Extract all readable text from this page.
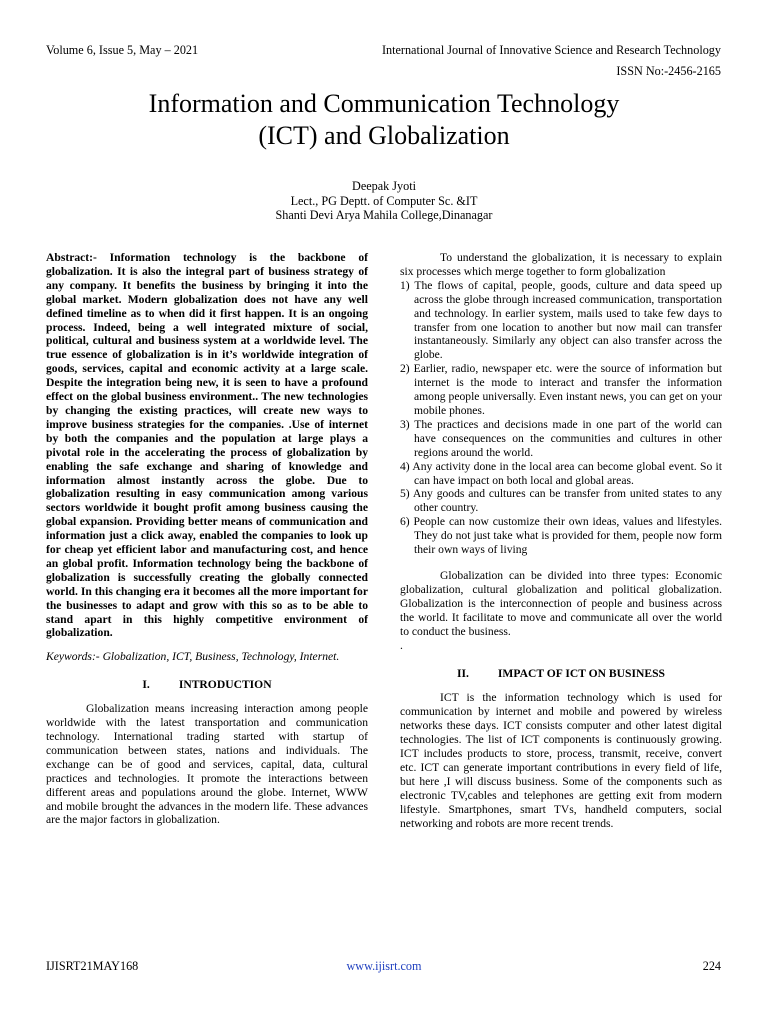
Volume 6, Issue 5, May – 2021	International Journal of Innovative Science and Research Technology
ISSN No:-2456-2165
Information and Communication Technology
(ICT) and Globalization
Deepak Jyoti
Lect., PG Deptt. of Computer Sc. &IT
Shanti Devi Arya Mahila College,Dinanagar

Abstract:- Information technology is the backbone of globalization. It is also the integral part of business strategy of any company. It benefits the business by bringing it into the global market. Modern globalization does not have any well defined timeline as to when did it first happen. It is an ongoing process. Indeed, being a well integrated mixture of social, political, cultural and business system at a worldwide level. The true essence of globalization is in it’s worldwide integration of goods, services, capital and economic activity at a large scale. Despite the integration being new, it is seen to have a profound effect on the global business environment.. The new technologies by changing the existing practices, will create new ways to improve business strategies for the companies. .Use of internet by both the companies and the population at large plays a pivotal role in the accelerating the process of globalization by enabling the safe exchange and sharing of knowledge and information almost instantly across the globe. Due to globalization resulting in easy communication among various sectors worldwide it bought profit among business causing the global expansion. Providing better means of communication and information just a click away, enabled the companies to look up for cheap yet efficient labor and manufacturing cost, and hence an global profit. Information technology being the backbone of globalization is successfully creating the globally connected world. In this changing era it becomes all the more important for the businesses to adapt and grow with this so as to be able to stand apart in this highly competitive environment of globalization.

Keywords:- Globalization, ICT, Business, Technology, Internet.

I.          INTRODUCTION

Globalization means increasing interaction among people worldwide with the latest transportation and communication technology. International trading started with startup of communication between states, nations and individuals. The exchange can be of good and services, capital, data, cultural practices and technologies. It promote the interactions between different areas and populations around the globe. Internet, WWW and mobile brought the advances in the modern life. These advances are the major factors in globalization.

To understand the globalization, it is necessary to explain six processes which merge together to form globalization

1) The flows of capital, people, goods, culture and data speed up across the globe through increased communication, transportation and technology. In earlier system, mails used to take few days to transfer from one location to another but now mail can transfer instantaneously. Similarly any object can also transfer across the globe.

2) Earlier, radio, newspaper etc. were the source of information but internet is the mode to interact and transfer the information among people universally. Even instant news, you can get on your mobile phones.

3) The practices and decisions made in one part of the world can have consequences on the communities and cultures in other regions around the world.

4) Any activity done in the local area can become global event. So it can have impact on both local and global areas.

5) Any goods and cultures can be transfer from united states to any other country.

6) People can now customize their own ideas, values and lifestyles. They do not just take what is provided for them, people now form their own ways of living

Globalization can be divided into three types: Economic globalization, cultural globalization and political globalization. Globalization is the interconnection of people and business across the world. It facilitate to move and communicate all over the world to conduct the business.

.

II.          IMPACT OF ICT ON BUSINESS

ICT is the information technology which is used for communication by internet and mobile and powered by wireless networks these days. ICT consists computer and other latest digital technologies. The list of ICT components is continuously growing. ICT includes products to store, process, transmit, receive, convert etc. ICT can generate important contributions in every field of life, but here ,I will discuss business. Some of the components such as electronic TV,cables and telephones are getting exit from modern lifestyle. Smartphones, smart TVs, handheld computers, social networking and robots are more recent trends.

IJISRT21MAY168	www.ijisrt.com	224
